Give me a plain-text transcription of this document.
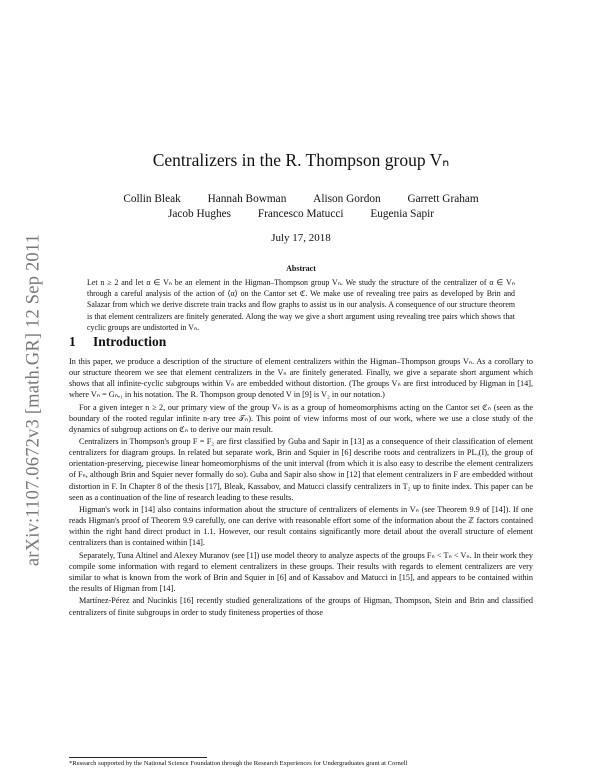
arXiv:1107.0672v3 [math.GR] 12 Sep 2011
Centralizers in the R. Thompson group Vₙ
Collin Bleak Hannah Bowman Alison Gordon Garrett Graham
Jacob Hughes Francesco Matucci Eugenia Sapir
July 17, 2018
Abstract
Let n ≥ 2 and let α ∈ Vₙ be an element in the Higman–Thompson group Vₙ. We study the structure of the centralizer of α ∈ Vₙ through a careful analysis of the action of ⟨α⟩ on the Cantor set ℭ. We make use of revealing tree pairs as developed by Brin and Salazar from which we derive discrete train tracks and flow graphs to assist us in our analysis. A consequence of our structure theorem is that element centralizers are finitely generated. Along the way we give a short argument using revealing tree pairs which shows that cyclic groups are undistorted in Vₙ.
1 Introduction

In this paper, we produce a description of the structure of element centralizers within the Higman–Thompson groups Vₙ. As a corollary to our structure theorem we see that element centralizers in the Vₙ are finitely generated. Finally, we give a separate short argument which shows that all infinite-cyclic subgroups within Vₙ are embedded without distortion. (The groups Vₙ are first introduced by Higman in [14], where Vₙ = Gₙ,₁ in his notation. The R. Thompson group denoted V in [9] is V₂ in our notation.)

For a given integer n ≥ 2, our primary view of the group Vₙ is as a group of homeomorphisms acting on the Cantor set ℭₙ (seen as the boundary of the rooted regular infinite n-ary tree 𝒯ₙ). This point of view informs most of our work, where we use a close study of the dynamics of subgroup actions on ℭₙ to derive our main result.

Centralizers in Thompson's group F = F₂ are first classified by Guba and Sapir in [13] as a consequence of their classification of element centralizers for diagram groups. In related but separate work, Brin and Squier in [6] describe roots and centralizers in PLₒ(I), the group of orientation-preserving, piecewise linear homeomorphisms of the unit interval (from which it is also easy to describe the element centralizers of Fₙ, although Brin and Squier never formally do so). Guba and Sapir also show in [12] that element centralizers in F are embedded without distortion in F. In Chapter 8 of the thesis [17], Bleak, Kassabov, and Matucci classify centralizers in T₂ up to finite index. This paper can be seen as a continuation of the line of research leading to these results.

Higman's work in [14] also contains information about the structure of centralizers of elements in Vₙ (see Theorem 9.9 of [14]). If one reads Higman's proof of Theorem 9.9 carefully, one can derive with reasonable effort some of the information about the ℤ factors contained within the right hand direct product in 1.1. However, our result contains significantly more detail about the overall structure of element centralizers than is contained within [14].

Separately, Tuna Altinel and Alexey Muranov (see [1]) use model theory to analyze aspects of the groups Fₙ < Tₙ < Vₙ. In their work they compile some information with regard to element centralizers in these groups. Their results with regards to element centralizers are very similar to what is known from the work of Brin and Squier in [6] and of Kassabov and Matucci in [15], and appears to be contained within the results of Higman from [14].

Martínez-Pérez and Nucinkis [16] recently studied generalizations of the groups of Higman, Thompson, Stein and Brin and classified centralizers of finite subgroups in order to study finiteness properties of those

*Research supported by the National Science Foundation through the Research Experiences for Undergraduates grant at Cornell
